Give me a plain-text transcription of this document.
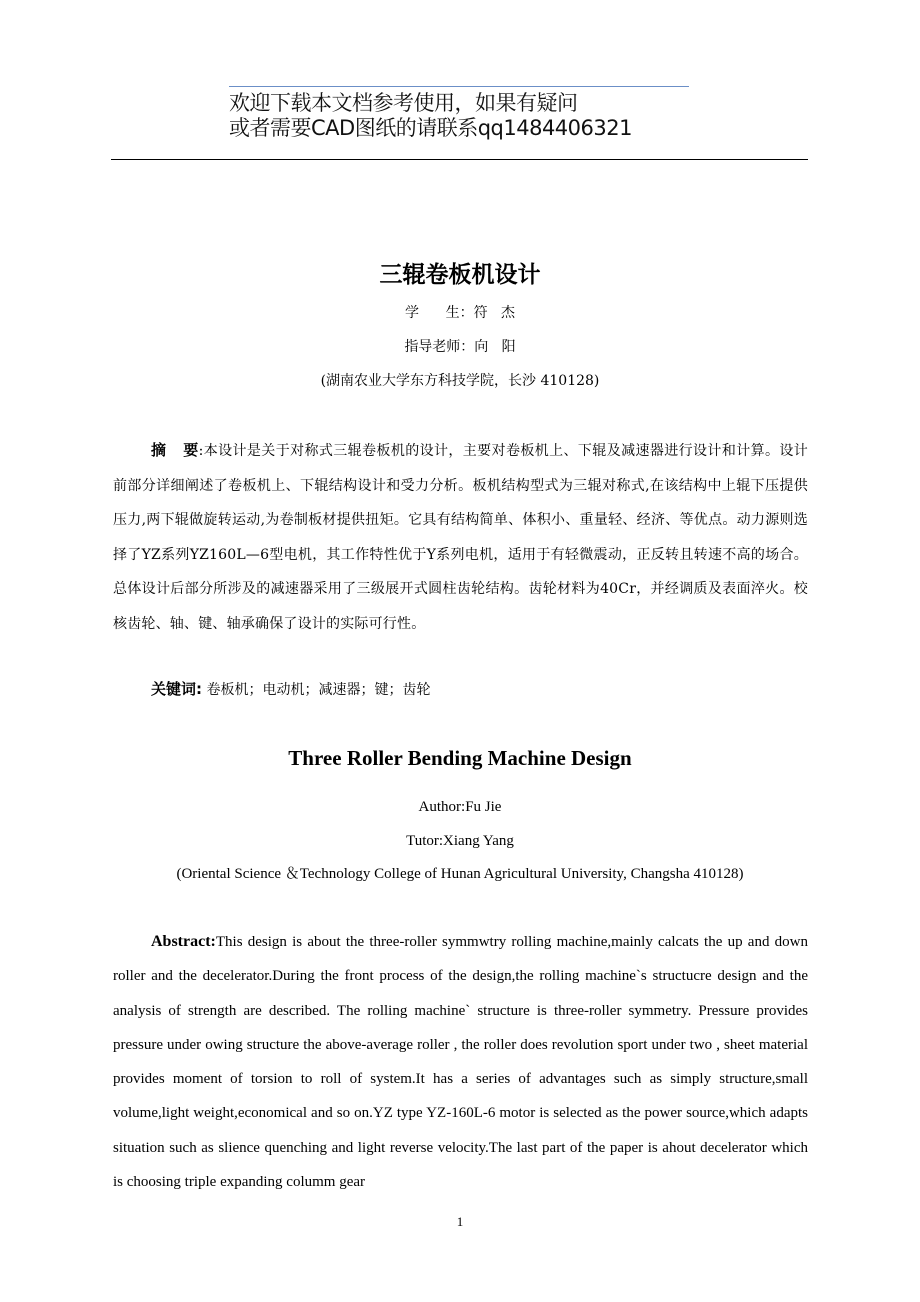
欢迎下载本文档参考使用，如果有疑问
或者需要CAD图纸的请联系qq1484406321
三辊卷板机设计
学      生：符   杰
指导老师：向   阳
(湖南农业大学东方科技学院，长沙 410128)
摘   要:本设计是关于对称式三辊卷板机的设计，主要对卷板机上、下辊及减速器进行设计和计算。设计前部分详细阐述了卷板机上、下辊结构设计和受力分析。板机结构型式为三辊对称式,在该结构中上辊下压提供压力,两下辊做旋转运动,为卷制板材提供扭矩。它具有结构简单、体积小、重量轻、经济、等优点。动力源则选择了YZ系列YZ160L—6型电机，其工作特性优于Y系列电机，适用于有轻微震动，正反转且转速不高的场合。总体设计后部分所涉及的减速器采用了三级展开式圆柱齿轮结构。齿轮材料为40Cr，并经调质及表面淬火。校核齿轮、轴、键、轴承确保了设计的实际可行性。
关键词: 卷板机；电动机；减速器；键；齿轮
Three Roller Bending Machine Design
Author:Fu Jie
Tutor:Xiang Yang
(Oriental Science ＆Technology College of Hunan Agricultural University, Changsha 410128)
Abstract:This design is about the three-roller symmwtry rolling machine,mainly calcats the up and down roller and the decelerator.During the front process of the design,the rolling machine`s structucre design and the analysis of strength are described. The rolling machine` structure is three-roller symmetry. Pressure provides pressure under owing structure the above-average roller , the roller does revolution sport under two , sheet material provides moment of torsion to roll of system.It has a series of advantages such as simply structure,small volume,light weight,economical and so on.YZ type YZ-160L-6 motor is selected as the power source,which adapts situation such as slience quenching and light reverse velocity.The last part of the paper is ahout decelerator which is choosing triple expanding columm gear
1
